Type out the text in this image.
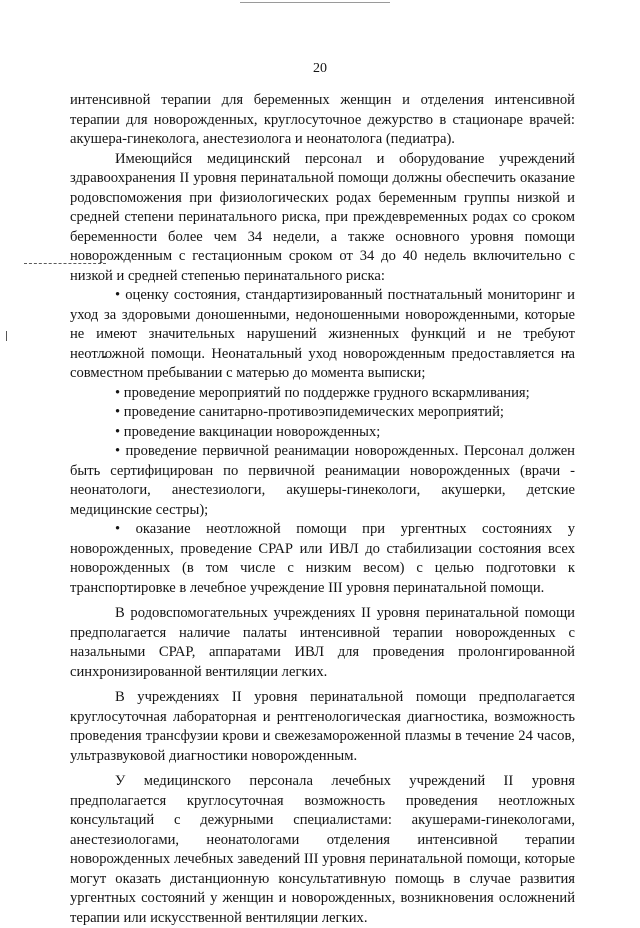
20

интенсивной терапии для беременных женщин и отделения интенсивной терапии для новорожденных, круглосуточное дежурство в стационаре врачей: акушера-гинеколога, анестезиолога и неонатолога (педиатра).

Имеющийся медицинский персонал и оборудование учреждений здравоохранения II уровня перинатальной помощи должны обеспечить оказание родовспоможения при физиологических родах беременным группы низкой и средней степени перинатального риска, при преждевременных родах со сроком беременности более чем 34 недели, а также основного уровня помощи новорожденным с гестационным сроком от 34 до 40 недель включительно с низкой и средней степенью перинатального риска:

• оценку состояния, стандартизированный постнатальный мониторинг и уход за здоровыми доношенными, недоношенными новорожденными, которые не имеют значительных нарушений жизненных функций и не требуют неотложной помощи. Неонатальный уход новорожденным предоставляется на совместном пребывании с матерью до момента выписки;

• проведение мероприятий по поддержке грудного вскармливания;

• проведение санитарно-противоэпидемических мероприятий;

• проведение вакцинации новорожденных;

• проведение первичной реанимации новорожденных. Персонал должен быть сертифицирован по первичной реанимации новорожденных (врачи - неонатологи, анестезиологи, акушеры-гинекологи, акушерки, детские медицинские сестры);

• оказание неотложной помощи при ургентных состояниях у новорожденных, проведение СРАР или ИВЛ до стабилизации состояния всех новорожденных (в том числе с низким весом) с целью подготовки к транспортировке в лечебное учреждение III уровня перинатальной помощи.

В родовспомогательных учреждениях II уровня перинатальной помощи предполагается наличие палаты интенсивной терапии новорожденных с назальными СРАР, аппаратами ИВЛ для проведения пролонгированной синхронизированной вентиляции легких.

В учреждениях II уровня перинатальной помощи предполагается круглосуточная лабораторная и рентгенологическая диагностика, возможность проведения трансфузии крови и свежезамороженной плазмы в течение 24 часов, ультразвуковой диагностики новорожденным.

У медицинского персонала лечебных учреждений II уровня предполагается круглосуточная возможность проведения неотложных консультаций с дежурными специалистами: акушерами-гинекологами, анестезиологами, неонатологами отделения интенсивной терапии новорожденных лечебных заведений III уровня перинатальной помощи, которые могут оказать дистанционную консультативную помощь в случае развития ургентных состояний у женщин и новорожденных, возникновения осложнений терапии или искусственной вентиляции легких.
